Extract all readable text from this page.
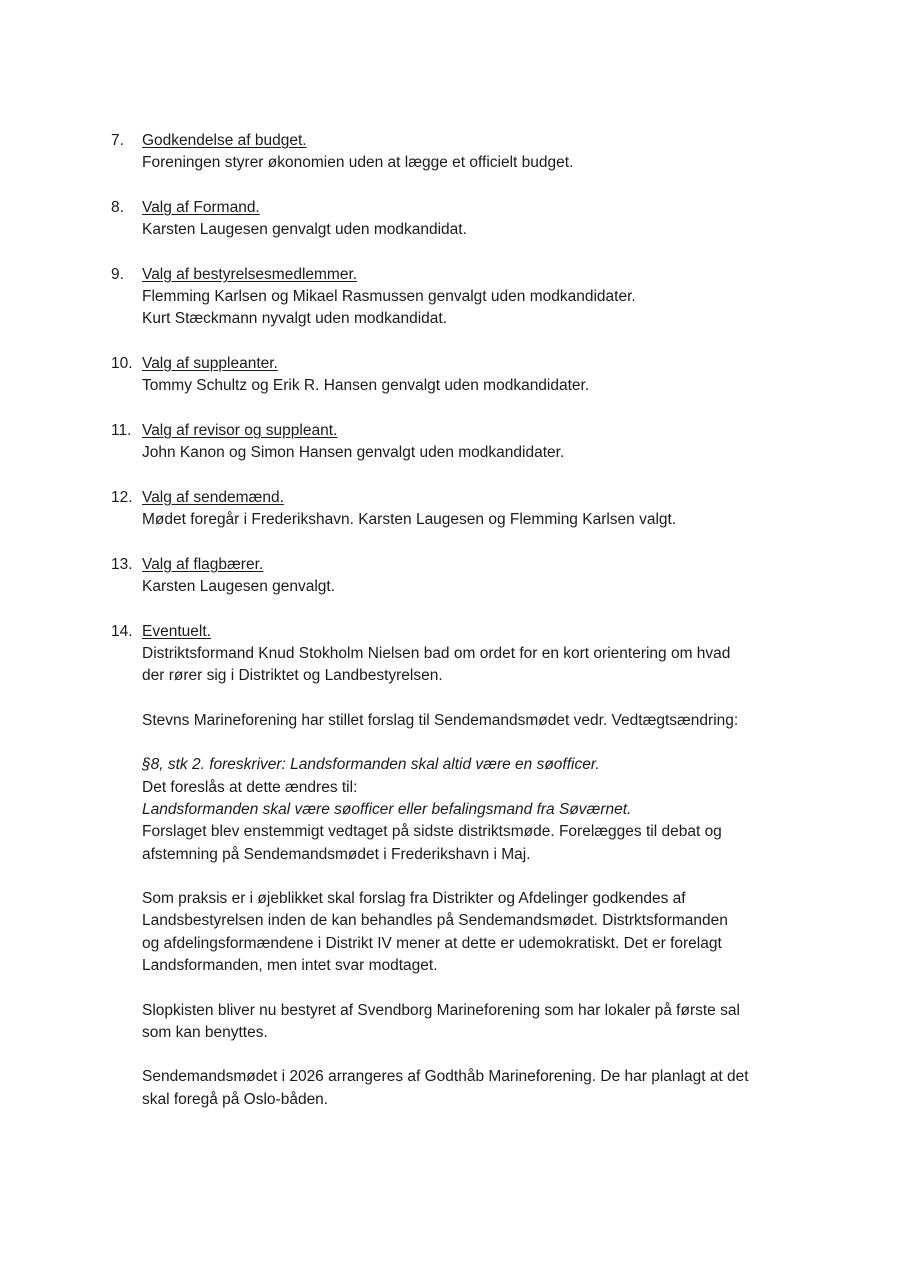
7. Godkendelse af budget.
Foreningen styrer økonomien uden at lægge et officielt budget.
8. Valg af Formand.
Karsten Laugesen genvalgt uden modkandidat.
9. Valg af bestyrelsesmedlemmer.
Flemming Karlsen og Mikael Rasmussen genvalgt uden modkandidater.
Kurt Stæckmann nyvalgt uden modkandidat.
10. Valg af suppleanter.
Tommy Schultz og Erik R. Hansen genvalgt uden modkandidater.
11. Valg af revisor og suppleant.
John Kanon og Simon Hansen genvalgt uden modkandidater.
12. Valg af sendemænd.
Mødet foregår i Frederikshavn. Karsten Laugesen og Flemming Karlsen valgt.
13. Valg af flagbærer.
Karsten Laugesen genvalgt.
14. Eventuelt.
Distriktsformand Knud Stokholm Nielsen bad om ordet for en kort orientering om hvad
der rører sig i Distriktet og Landbestyrelsen.
Stevns Marineforening har stillet forslag til Sendemandsmødet vedr. Vedtægtsændring:
§8, stk 2. foreskriver: Landsformanden skal altid være en søofficer.
Det foreslås at dette ændres til:
Landsformanden skal være søofficer eller befalingsmand fra Søværnet.
Forslaget blev enstemmigt vedtaget på sidste distriktsmøde. Forelægges til debat og
afstemning på Sendemandsmødet i Frederikshavn i Maj.
Som praksis er i øjeblikket skal forslag fra Distrikter og Afdelinger godkendes af
Landsbestyrelsen inden de kan behandles på Sendemandsmødet. Distrktsformanden
og afdelingsformændene i Distrikt IV mener at dette er udemokratiskt. Det er forelagt
Landsformanden, men intet svar modtaget.
Slopkisten bliver nu bestyret af Svendborg Marineforening som har lokaler på første sal
som kan benyttes.
Sendemandsmødet i 2026 arrangeres af Godthåb Marineforening. De har planlagt at det
skal foregå på Oslo-båden.
